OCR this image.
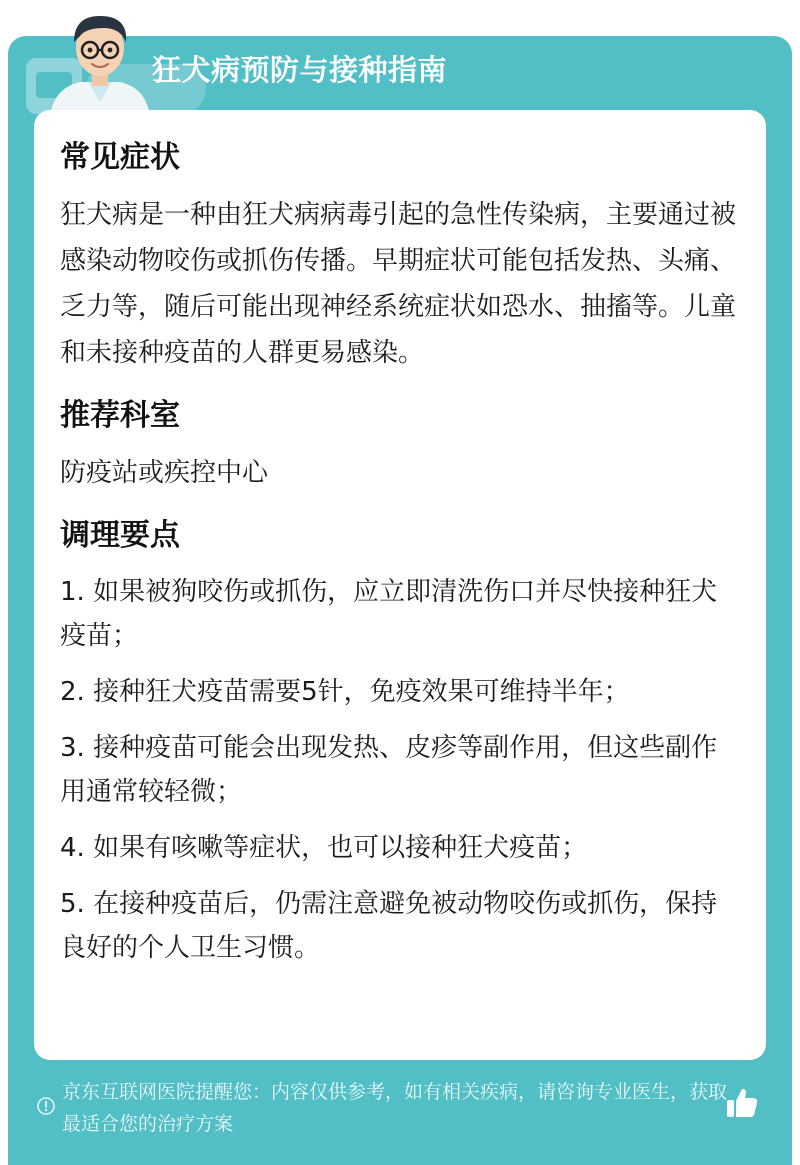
狂犬病预防与接种指南
常见症状

狂犬病是一种由狂犬病病毒引起的急性传染病，主要通过被感染动物咬伤或抓伤传播。早期症状可能包括发热、头痛、乏力等，随后可能出现神经系统症状如恐水、抽搐等。儿童和未接种疫苗的人群更易感染。

推荐科室

防疫站或疾控中心

调理要点
1. 如果被狗咬伤或抓伤，应立即清洗伤口并尽快接种狂犬疫苗；
2. 接种狂犬疫苗需要5针，免疫效果可维持半年；
3. 接种疫苗可能会出现发热、皮疹等副作用，但这些副作用通常较轻微；
4. 如果有咳嗽等症状，也可以接种狂犬疫苗；
5. 在接种疫苗后，仍需注意避免被动物咬伤或抓伤，保持良好的个人卫生习惯。
京东互联网医院提醒您：内容仅供参考，如有相关疾病，请咨询专业医生，获取最适合您的治疗方案
